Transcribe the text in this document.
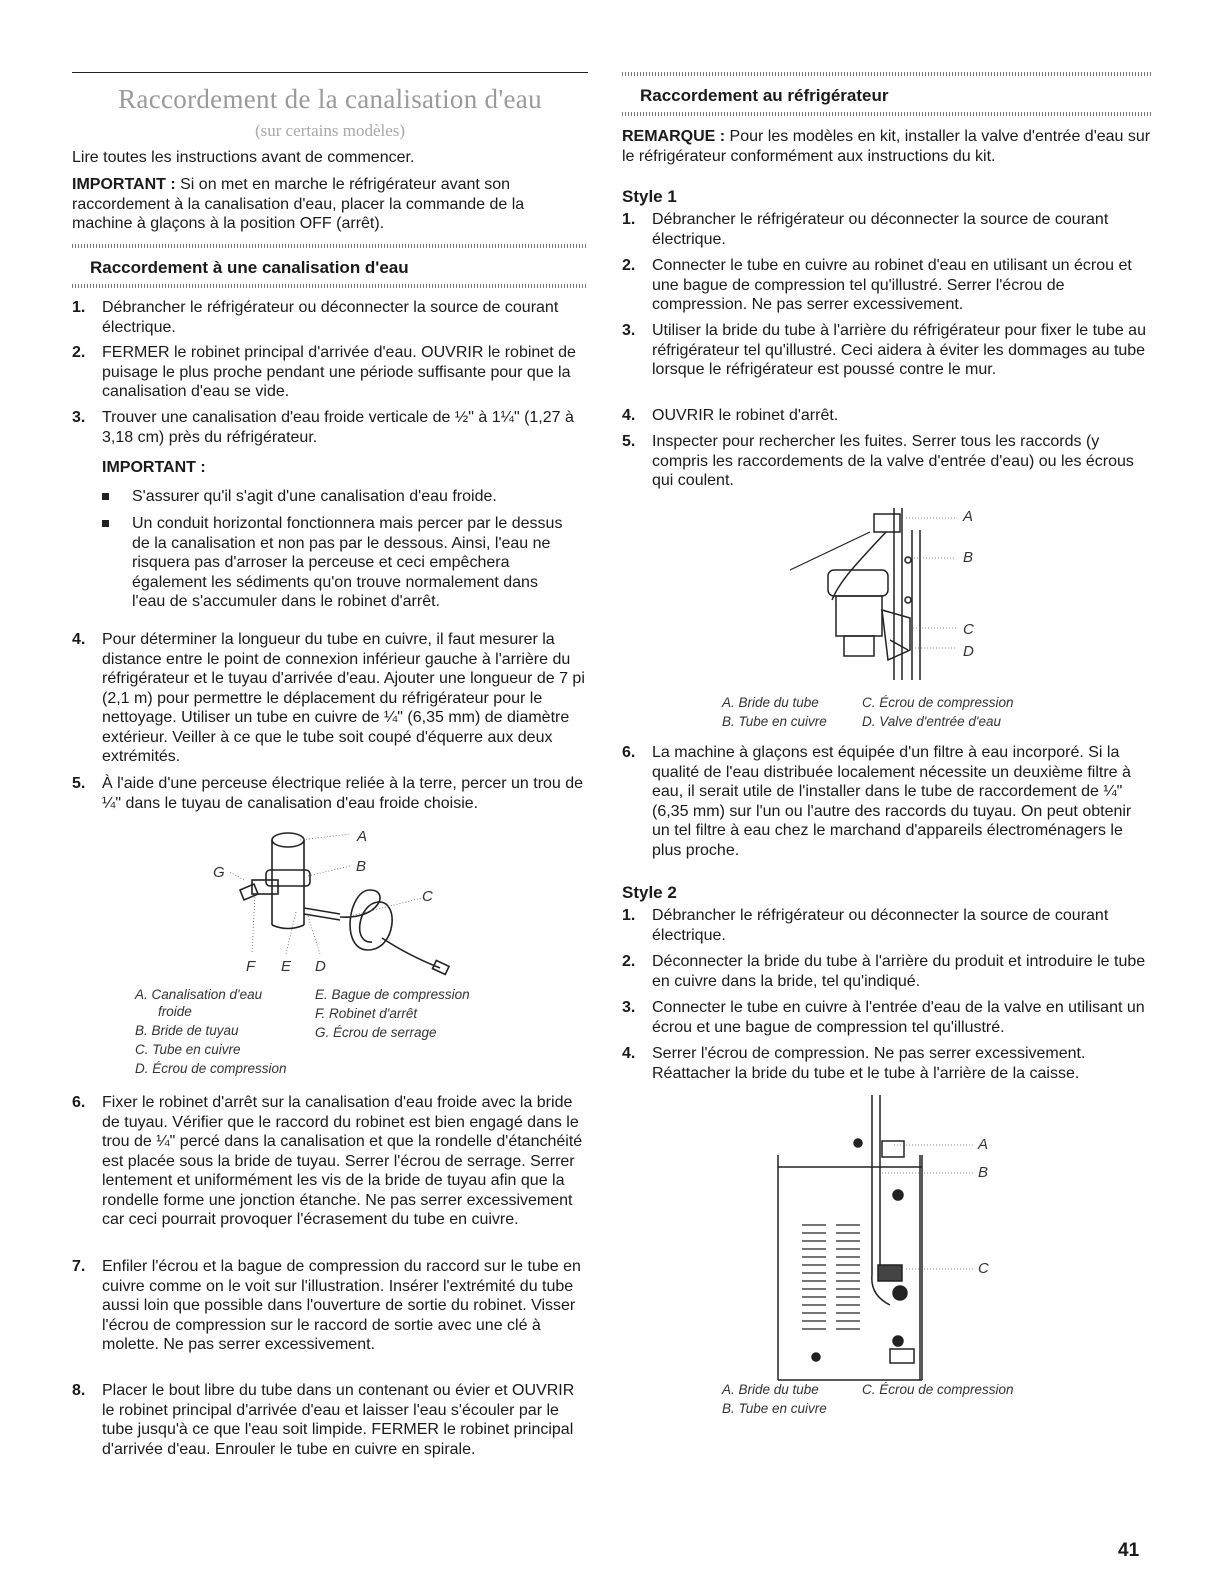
Raccordement de la canalisation d'eau
(sur certains modèles)
Lire toutes les instructions avant de commencer.
IMPORTANT : Si on met en marche le réfrigérateur avant son raccordement à la canalisation d'eau, placer la commande de la machine à glaçons à la position OFF (arrêt).
Raccordement à une canalisation d'eau
1. Débrancher le réfrigérateur ou déconnecter la source de courant électrique.
2. FERMER le robinet principal d'arrivée d'eau. OUVRIR le robinet de puisage le plus proche pendant une période suffisante pour que la canalisation d'eau se vide.
3. Trouver une canalisation d'eau froide verticale de ½" à 1¼" (1,27 à 3,18 cm) près du réfrigérateur.
IMPORTANT :
S'assurer qu'il s'agit d'une canalisation d'eau froide.
Un conduit horizontal fonctionnera mais percer par le dessus de la canalisation et non pas par le dessous. Ainsi, l'eau ne risquera pas d'arroser la perceuse et ceci empêchera également les sédiments qu'on trouve normalement dans l'eau de s'accumuler dans le robinet d'arrêt.
4. Pour déterminer la longueur du tube en cuivre, il faut mesurer la distance entre le point de connexion inférieur gauche à l'arrière du réfrigérateur et le tuyau d'arrivée d'eau. Ajouter une longueur de 7 pi (2,1 m) pour permettre le déplacement du réfrigérateur pour le nettoyage. Utiliser un tube en cuivre de ¼" (6,35 mm) de diamètre extérieur. Veiller à ce que le tube soit coupé d'équerre aux deux extrémités.
5. À l'aide d'une perceuse électrique reliée à la terre, percer un trou de ¼" dans le tuyau de canalisation d'eau froide choisie.
A
B
C
G
F E D
A. Canalisation d'eau
froide
B. Bride de tuyau
C. Tube en cuivre
D. Écrou de compression
E. Bague de compression
F. Robinet d'arrêt
G. Écrou de serrage
6. Fixer le robinet d'arrêt sur la canalisation d'eau froide avec la bride de tuyau. Vérifier que le raccord du robinet est bien engagé dans le trou de ¼" percé dans la canalisation et que la rondelle d'étanchéité est placée sous la bride de tuyau. Serrer l'écrou de serrage. Serrer lentement et uniformément les vis de la bride de tuyau afin que la rondelle forme une jonction étanche. Ne pas serrer excessivement car ceci pourrait provoquer l'écrasement du tube en cuivre.
7. Enfiler l'écrou et la bague de compression du raccord sur le tube en cuivre comme on le voit sur l'illustration. Insérer l'extrémité du tube aussi loin que possible dans l'ouverture de sortie du robinet. Visser l'écrou de compression sur le raccord de sortie avec une clé à molette. Ne pas serrer excessivement.
8. Placer le bout libre du tube dans un contenant ou évier et OUVRIR le robinet principal d'arrivée d'eau et laisser l'eau s'écouler par le tube jusqu'à ce que l'eau soit limpide. FERMER le robinet principal d'arrivée d'eau. Enrouler le tube en cuivre en spirale.
Raccordement au réfrigérateur
REMARQUE : Pour les modèles en kit, installer la valve d'entrée d'eau sur le réfrigérateur conformément aux instructions du kit.
Style 1
1. Débrancher le réfrigérateur ou déconnecter la source de courant électrique.
2. Connecter le tube en cuivre au robinet d'eau en utilisant un écrou et une bague de compression tel qu'illustré. Serrer l'écrou de compression. Ne pas serrer excessivement.
3. Utiliser la bride du tube à l'arrière du réfrigérateur pour fixer le tube au réfrigérateur tel qu'illustré. Ceci aidera à éviter les dommages au tube lorsque le réfrigérateur est poussé contre le mur.
4. OUVRIR le robinet d'arrêt.
5. Inspecter pour rechercher les fuites. Serrer tous les raccords (y compris les raccordements de la valve d'entrée d'eau) ou les écrous qui coulent.
A
B
C
D
A. Bride du tube
B. Tube en cuivre
C. Écrou de compression
D. Valve d'entrée d'eau
6. La machine à glaçons est équipée d'un filtre à eau incorporé. Si la qualité de l'eau distribuée localement nécessite un deuxième filtre à eau, il serait utile de l'installer dans le tube de raccordement de ¼" (6,35 mm) sur l'un ou l'autre des raccords du tuyau. On peut obtenir un tel filtre à eau chez le marchand d'appareils électroménagers le plus proche.
Style 2
1. Débrancher le réfrigérateur ou déconnecter la source de courant électrique.
2. Déconnecter la bride du tube à l'arrière du produit et introduire le tube en cuivre dans la bride, tel qu'indiqué.
3. Connecter le tube en cuivre à l'entrée d'eau de la valve en utilisant un écrou et une bague de compression tel qu'illustré.
4. Serrer l'écrou de compression. Ne pas serrer excessivement. Réattacher la bride du tube et le tube à l'arrière de la caisse.
A
B
C
A. Bride du tube
B. Tube en cuivre
C. Écrou de compression
41
